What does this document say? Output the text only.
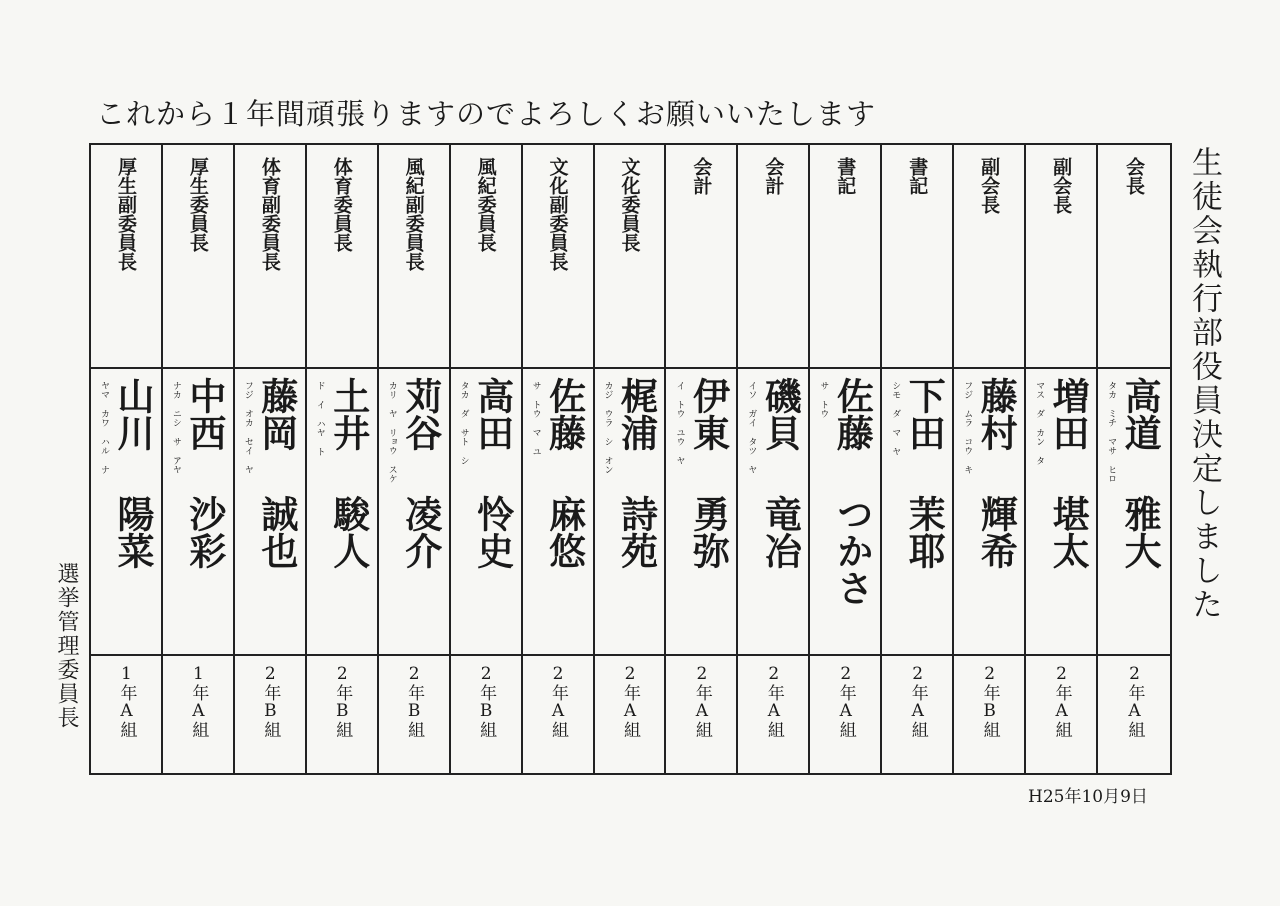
これから１年間頑張りますのでよろしくお願いいたします
生徒会執行部役員決定しました
選挙管理委員長
H25年10月9日
厚生副委員長
山川 陽菜
ヤマ カワ ハル ナ
1年A組
厚生委員長
中西 沙彩
ナカ ニシ サ アヤ
1年A組
体育副委員長
藤岡 誠也
フジ オカ セイ ヤ
2年B組
体育委員長
土井 駿人
ド イ ハヤ ト
2年B組
風紀副委員長
苅谷 凌介
カリ ヤ リョウ スケ
2年B組
風紀委員長
高田 怜史
タカ ダ サト シ
2年B組
文化副委員長
佐藤 麻悠
サ トウ マ ユ
2年A組
文化委員長
梶浦 詩苑
カジ ウラ シ オン
2年A組
会計
伊東 勇弥
イ トウ ユウ ヤ
2年A組
会計
磯貝 竜冶
イソ ガイ タツ ヤ
2年A組
書記
佐藤 つかさ
サ トウ
2年A組
書記
下田 茉耶
シモ ダ マ ヤ
2年A組
副会長
藤村 輝希
フジ ムラ コウ キ
2年B組
副会長
増田 堪太
マス ダ カン タ
2年A組
会長
高道 雅大
タカ ミチ マサ ヒロ
2年A組
